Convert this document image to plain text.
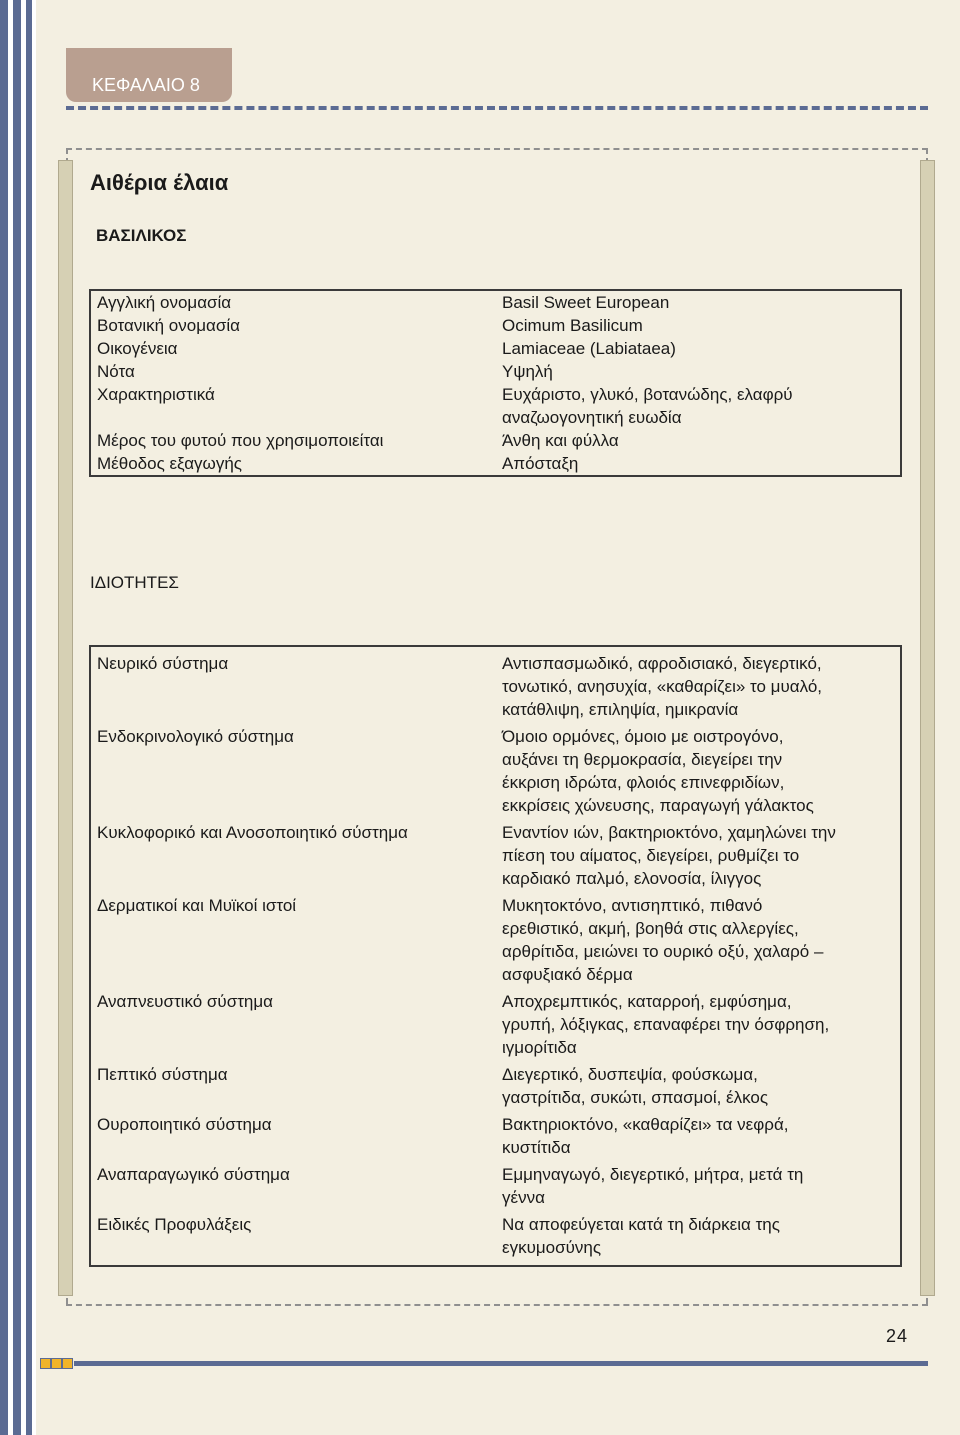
ΚΕΦΑΛΑΙΟ 8
Αιθέρια έλαια
ΒΑΣΙΛΙΚΟΣ
Αγγλική ονομασία	Basil Sweet European
Βοτανική ονομασία	Ocimum Basilicum
Οικογένεια	Lamiaceae (Labiataea)
Νότα	Υψηλή
Χαρακτηριστικά	Ευχάριστο, γλυκό, βοτανώδης, ελαφρύ αναζωογονητική ευωδία
Μέρος του φυτού που χρησιμοποιείται	Άνθη και φύλλα
Μέθοδος εξαγωγής	Απόσταξη
ΙΔΙΟΤΗΤΕΣ
Νευρικό σύστημα	Αντισπασμωδικό, αφροδισιακό, διεγερτικό,
τονωτικό, ανησυχία, «καθαρίζει» το μυαλό,
κατάθλιψη, επιληψία, ημικρανία

Ενδοκρινολογικό σύστημα	Όμοιο ορμόνες, όμοιο με οιστρογόνο,
αυξάνει τη θερμοκρασία, διεγείρει την
έκκριση ιδρώτα, φλοιός επινεφριδίων,
εκκρίσεις χώνευσης, παραγωγή γάλακτος

Κυκλοφορικό και Ανοσοποιητικό σύστημα	Εναντίον ιών, βακτηριοκτόνο, χαμηλώνει την
πίεση του αίματος, διεγείρει, ρυθμίζει το
καρδιακό παλμό, ελονοσία, ίλιγγος

Δερματικοί και Μυϊκοί ιστοί	Μυκητοκτόνο, αντισηπτικό, πιθανό
ερεθιστικό, ακμή, βοηθά στις αλλεργίες,
αρθρίτιδα, μειώνει το ουρικό οξύ, χαλαρό –
ασφυξιακό δέρμα

Αναπνευστικό σύστημα	Αποχρεμπτικός, καταρροή, εμφύσημα,
γρυπή, λόξιγκας, επαναφέρει την όσφρηση,
ιγμορίτιδα

Πεπτικό σύστημα	Διεγερτικό, δυσπεψία, φούσκωμα,
γαστρίτιδα, συκώτι, σπασμοί, έλκος

Ουροποιητικό σύστημα	Βακτηριοκτόνο, «καθαρίζει» τα νεφρά,
κυστίτιδα

Αναπαραγωγικό σύστημα	Εμμηναγωγό, διεγερτικό, μήτρα, μετά τη
γέννα

Ειδικές Προφυλάξεις	Να αποφεύγεται κατά τη διάρκεια της
εγκυμοσύνης
24
